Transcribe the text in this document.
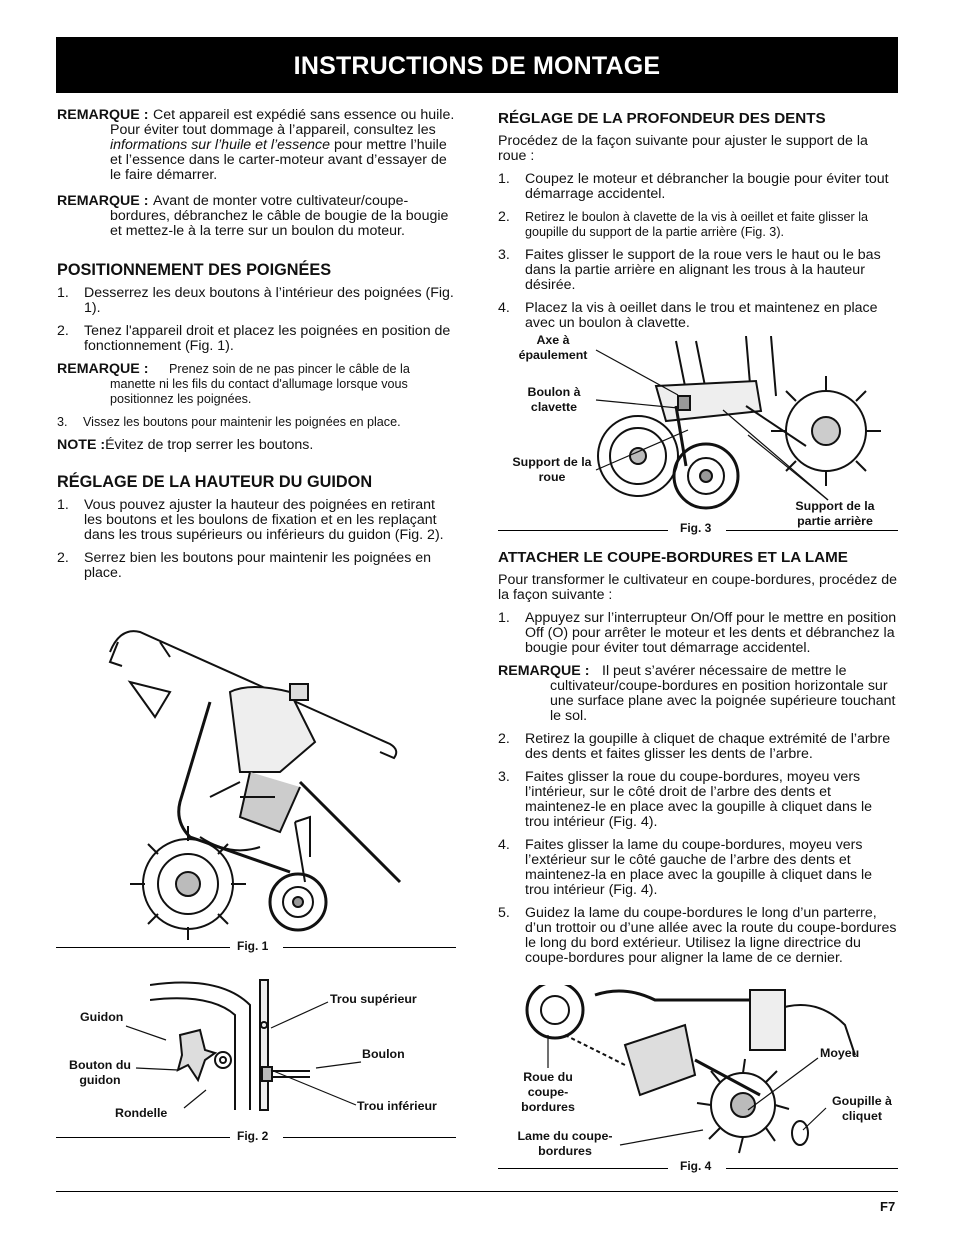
INSTRUCTIONS DE MONTAGE
REMARQUE : Cet appareil est expédié sans essence ou huile. Pour éviter tout dommage à l’appareil, consultez les informations sur l’huile et l’essence pour mettre l’huile et l’essence dans le carter-moteur avant d’essayer de le faire démarrer.
REMARQUE : Avant de monter votre cultivateur/coupe-bordures, débranchez le câble de bougie de la bougie et mettez-le à la terre sur un boulon du moteur.
POSITIONNEMENT DES POIGNÉES
1. Desserrez les deux boutons à l’intérieur des poignées (Fig. 1).
2. Tenez l'appareil droit et placez les poignées en position de fonctionnement (Fig. 1).
REMARQUE :	Prenez soin de ne pas pincer le câble de la manette ni les fils du contact d'allumage lorsque vous positionnez les poignées.
3. Vissez les boutons pour maintenir les poignées en place.
NOTE :Évitez de trop serrer les boutons.
RÉGLAGE DE LA HAUTEUR DU GUIDON
1. Vous pouvez ajuster la hauteur des poignées en retirant les boutons et les boulons de fixation et en les replaçant dans les trous supérieurs ou inférieurs du guidon (Fig. 2).
2. Serrez bien les boutons pour maintenir les poignées en place.
Fig. 1
Guidon
Bouton du guidon
Rondelle
Trou supérieur
Boulon
Trou inférieur
Fig. 2
RÉGLAGE DE LA PROFONDEUR DES DENTS
Procédez de la façon suivante pour ajuster le support de la roue :
1. Coupez le moteur et débrancher la bougie pour éviter tout démarrage accidentel.
2. Retirez le boulon à clavette de la vis à oeillet et faite glisser la goupille du support de la partie arrière (Fig. 3).
3. Faites glisser le support de la roue vers le haut ou le bas dans la partie arrière en alignant les trous à la hauteur désirée.
4. Placez la vis à oeillet dans le trou et maintenez en place avec un boulon à clavette.
Axe à épaulement
Boulon à clavette
Support de la roue
Support de la partie arrière
Fig. 3
ATTACHER LE COUPE-BORDURES ET LA LAME
Pour transformer le cultivateur en coupe-bordures, procédez de la façon suivante :
1. Appuyez sur l’interrupteur On/Off pour le mettre en position Off (O) pour arrêter le moteur et les dents et débranchez la bougie pour éviter tout démarrage accidentel.
REMARQUE : Il peut s’avérer nécessaire de mettre le cultivateur/coupe-bordures en position horizontale sur une surface plane avec la poignée supérieure touchant le sol.
2. Retirez la goupille à cliquet de chaque extrémité de l’arbre des dents et faites glisser les dents de l’arbre.
3. Faites glisser la roue du coupe-bordures, moyeu vers l’intérieur, sur le côté droit de l’arbre des dents et maintenez-le en place avec la goupille à cliquet dans le trou intérieur (Fig. 4).
4. Faites glisser la lame du coupe-bordures, moyeu vers l’extérieur sur le côté gauche de l’arbre des dents et maintenez-la en place avec la goupille à cliquet dans le trou intérieur (Fig. 4).
5. Guidez la lame du coupe-bordures le long d’un parterre, d’un trottoir ou d’une allée avec la route du coupe-bordures le long du bord extérieur. Utilisez la ligne directrice du coupe-bordures pour aligner la lame de ce dernier.
Roue du coupe-bordures
Lame du coupe-bordures
Moyeu
Goupille à cliquet
Fig. 4
F7
